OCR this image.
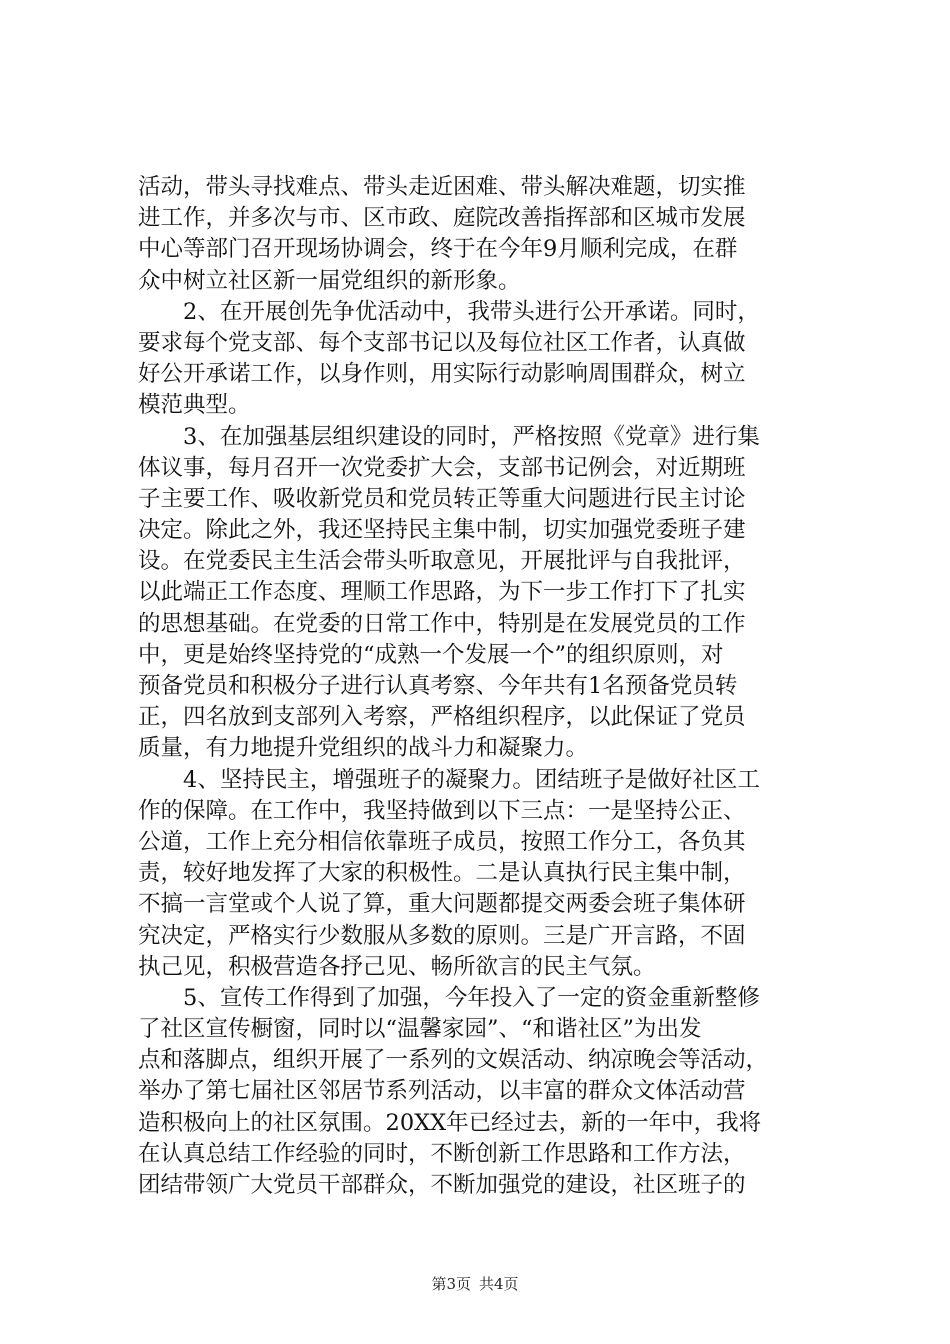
活动，带头寻找难点、带头走近困难、带头解决难题，切实推
进工作，并多次与市、区市政、庭院改善指挥部和区城市发展
中心等部门召开现场协调会，终于在今年9月顺利完成，在群
众中树立社区新一届党组织的新形象。
　　2、在开展创先争优活动中，我带头进行公开承诺。同时，
要求每个党支部、每个支部书记以及每位社区工作者，认真做
好公开承诺工作，以身作则，用实际行动影响周围群众，树立
模范典型。
　　3、在加强基层组织建设的同时，严格按照《党章》进行集
体议事，每月召开一次党委扩大会，支部书记例会，对近期班
子主要工作、吸收新党员和党员转正等重大问题进行民主讨论
决定。除此之外，我还坚持民主集中制，切实加强党委班子建
设。在党委民主生活会带头听取意见，开展批评与自我批评，
以此端正工作态度、理顺工作思路，为下一步工作打下了扎实
的思想基础。在党委的日常工作中，特别是在发展党员的工作
中，更是始终坚持党的“成熟一个发展一个”的组织原则，对
预备党员和积极分子进行认真考察、今年共有1名预备党员转
正，四名放到支部列入考察，严格组织程序，以此保证了党员
质量，有力地提升党组织的战斗力和凝聚力。
　　4、坚持民主，增强班子的凝聚力。团结班子是做好社区工
作的保障。在工作中，我坚持做到以下三点：一是坚持公正、
公道，工作上充分相信依靠班子成员，按照工作分工，各负其
责，较好地发挥了大家的积极性。二是认真执行民主集中制，
不搞一言堂或个人说了算，重大问题都提交两委会班子集体研
究决定，严格实行少数服从多数的原则。三是广开言路，不固
执己见，积极营造各抒己见、畅所欲言的民主气氛。
　　5、宣传工作得到了加强，今年投入了一定的资金重新整修
了社区宣传橱窗，同时以“温馨家园”、“和谐社区”为出发
点和落脚点，组织开展了一系列的文娱活动、纳凉晚会等活动，
举办了第七届社区邻居节系列活动，以丰富的群众文体活动营
造积极向上的社区氛围。20XX年已经过去，新的一年中，我将
在认真总结工作经验的同时，不断创新工作思路和工作方法，
团结带领广大党员干部群众，不断加强党的建设，社区班子的
第3页 共4页
